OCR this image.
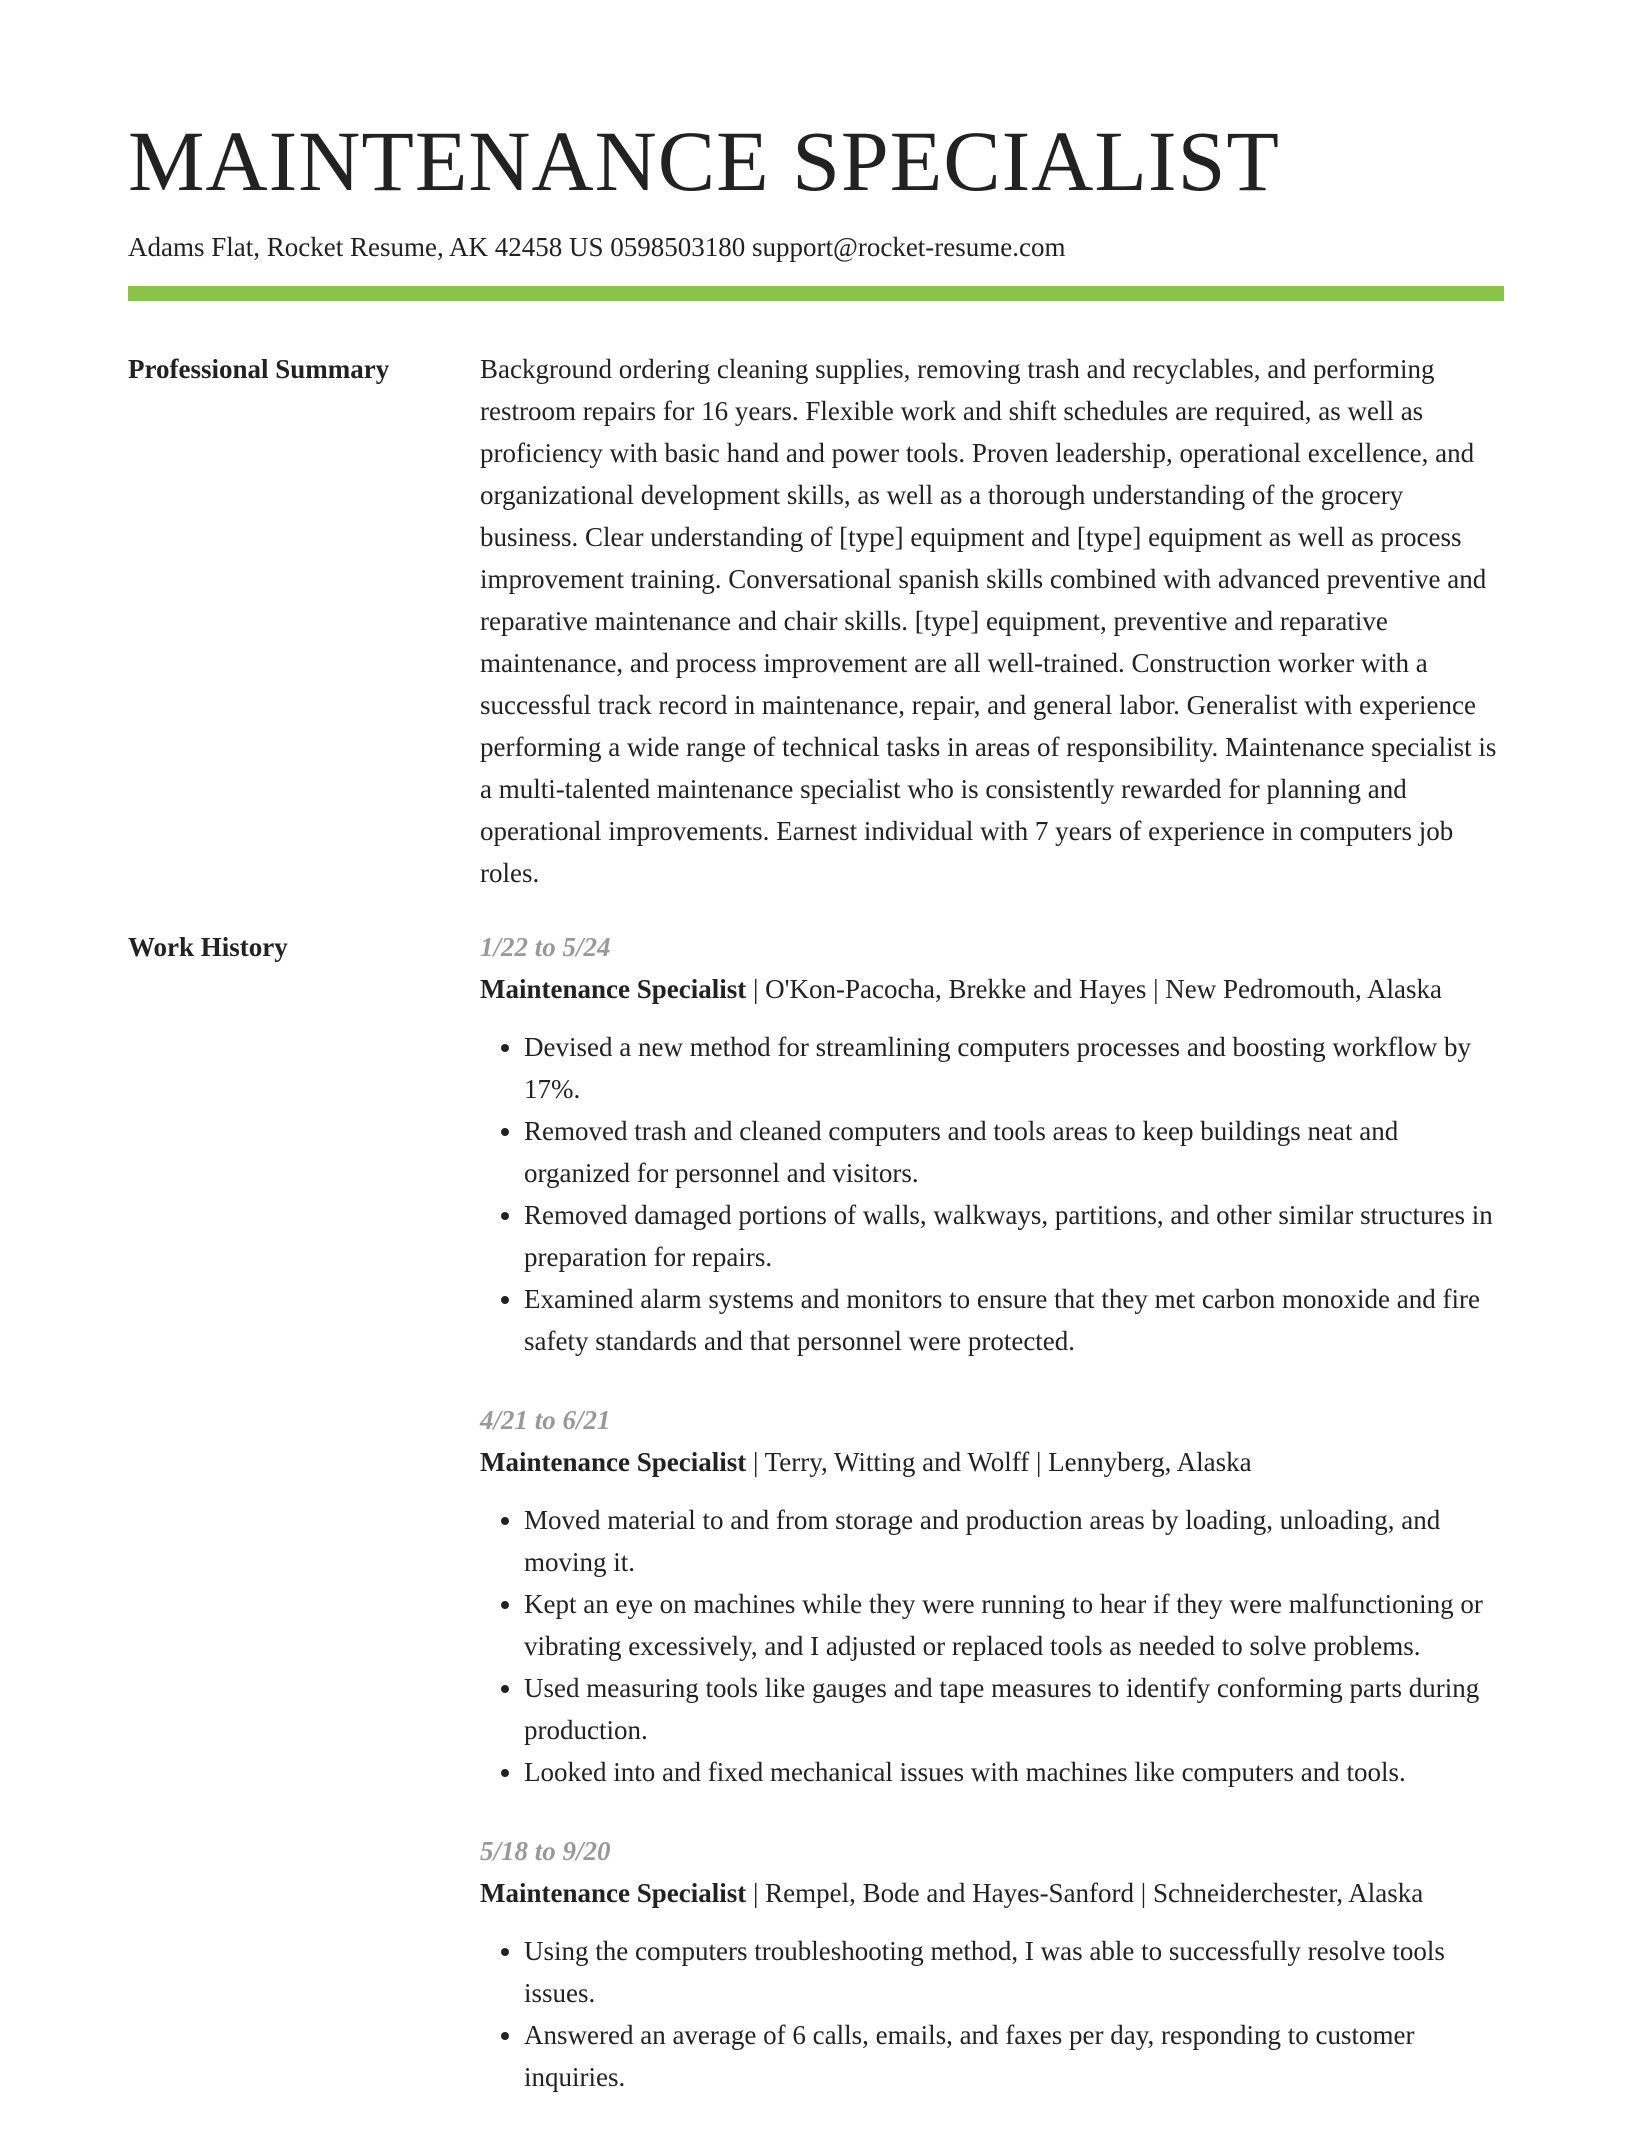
MAINTENANCE SPECIALIST
Adams Flat, Rocket Resume, AK 42458 US 0598503180 support@rocket-resume.com
Professional Summary	Background ordering cleaning supplies, removing trash and recyclables, and performing restroom repairs for 16 years. Flexible work and shift schedules are required, as well as proficiency with basic hand and power tools. Proven leadership, operational excellence, and organizational development skills, as well as a thorough understanding of the grocery business. Clear understanding of [type] equipment and [type] equipment as well as process improvement training. Conversational spanish skills combined with advanced preventive and reparative maintenance and chair skills. [type] equipment, preventive and reparative maintenance, and process improvement are all well-trained. Construction worker with a successful track record in maintenance, repair, and general labor. Generalist with experience performing a wide range of technical tasks in areas of responsibility. Maintenance specialist is a multi-talented maintenance specialist who is consistently rewarded for planning and operational improvements. Earnest individual with 7 years of experience in computers job roles.

Work History	1/22 to 5/24

Maintenance Specialist | O'Kon-Pacocha, Brekke and Hayes | New Pedromouth, Alaska

• Devised a new method for streamlining computers processes and boosting workflow by 17%.
• Removed trash and cleaned computers and tools areas to keep buildings neat and organized for personnel and visitors.
• Removed damaged portions of walls, walkways, partitions, and other similar structures in preparation for repairs.
• Examined alarm systems and monitors to ensure that they met carbon monoxide and fire safety standards and that personnel were protected.
4/21 to 6/21

Maintenance Specialist | Terry, Witting and Wolff | Lennyberg, Alaska

• Moved material to and from storage and production areas by loading, unloading, and moving it.
• Kept an eye on machines while they were running to hear if they were malfunctioning or vibrating excessively, and I adjusted or replaced tools as needed to solve problems.
• Used measuring tools like gauges and tape measures to identify conforming parts during production.
• Looked into and fixed mechanical issues with machines like computers and tools.
5/18 to 9/20

Maintenance Specialist | Rempel, Bode and Hayes-Sanford | Schneiderchester, Alaska

• Using the computers troubleshooting method, I was able to successfully resolve tools issues.
• Answered an average of 6 calls, emails, and faxes per day, responding to customer inquiries.
